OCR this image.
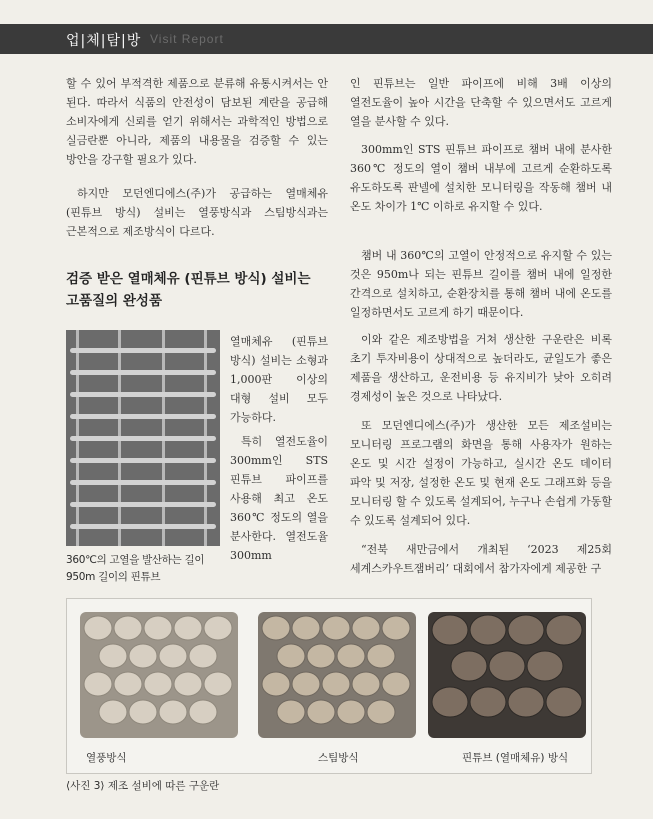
업|체|탐|방 Visit Report

할 수 있어 부적격한 제품으로 분류해 유통시켜서는 안 된다. 따라서 식품의 안전성이 담보된 계란을 공급해 소비자에게 신뢰를 얻기 위해서는 과학적인 방법으로 실금란뿐 아니라, 제품의 내용물을 검증할 수 있는 방안을 강구할 필요가 있다.

하지만 모던엔디에스(주)가 공급하는 열매체유(핀튜브 방식) 설비는 열풍방식과 스팀방식과는 근본적으로 제조방식이 다르다.

검증 받은 열매체유 (핀튜브 방식) 설비는 고품질의 완성품

열매체유 (핀튜브 방식) 설비는 소형과 1,000판 이상의 대형 설비 모두 가능하다.

특히 열전도율이 300mm인 STS 핀튜브 파이프를 사용해 최고 온도 360℃ 정도의 열을 분사한다. 열전도율 300mm

360℃의 고열을 발산하는 길이 950m 길이의 핀튜브

인 핀튜브는 일반 파이프에 비해 3배 이상의 열전도율이 높아 시간을 단축할 수 있으면서도 고르게 열을 분사할 수 있다.

300mm인 STS 핀튜브 파이프로 챔버 내에 분사한 360℃ 정도의 열이 챔버 내부에 고르게 순환하도록 유도하도록 판넬에 설치한 모니터링을 작동해 챔버 내 온도 차이가 1℃ 이하로 유지할 수 있다.

챔버 내 360℃의 고열이 안정적으로 유지할 수 있는 것은 950m나 되는 핀튜브 길이를 챔버 내에 일정한 간격으로 설치하고, 순환장치를 통해 챔버 내에 온도를 일정하면서도 고르게 하기 때문이다.

이와 같은 제조방법을 거쳐 생산한 구운란은 비록 초기 투자비용이 상대적으로 높더라도, 균일도가 좋은 제품을 생산하고, 운전비용 등 유지비가 낮아 오히려 경제성이 높은 것으로 나타났다.

또 모던엔디에스(주)가 생산한 모든 제조설비는 모니터링 프로그램의 화면을 통해 사용자가 원하는 온도 및 시간 설정이 가능하고, 실시간 온도 데이터 파악 및 저장, 설정한 온도 및 현재 온도 그래프화 등을 모니터링 할 수 있도록 설계되어, 누구나 손쉽게 가동할 수 있도록 설계되어 있다.

“전북 새만금에서 개최된 ‘2023 제25회 세계스카우트잼버리’ 대회에서 참가자에게 제공한 구

열풍방식	스팀방식	핀튜브 (열매체유) 방식

⟨사진 3⟩ 제조 설비에 따른 구운란
